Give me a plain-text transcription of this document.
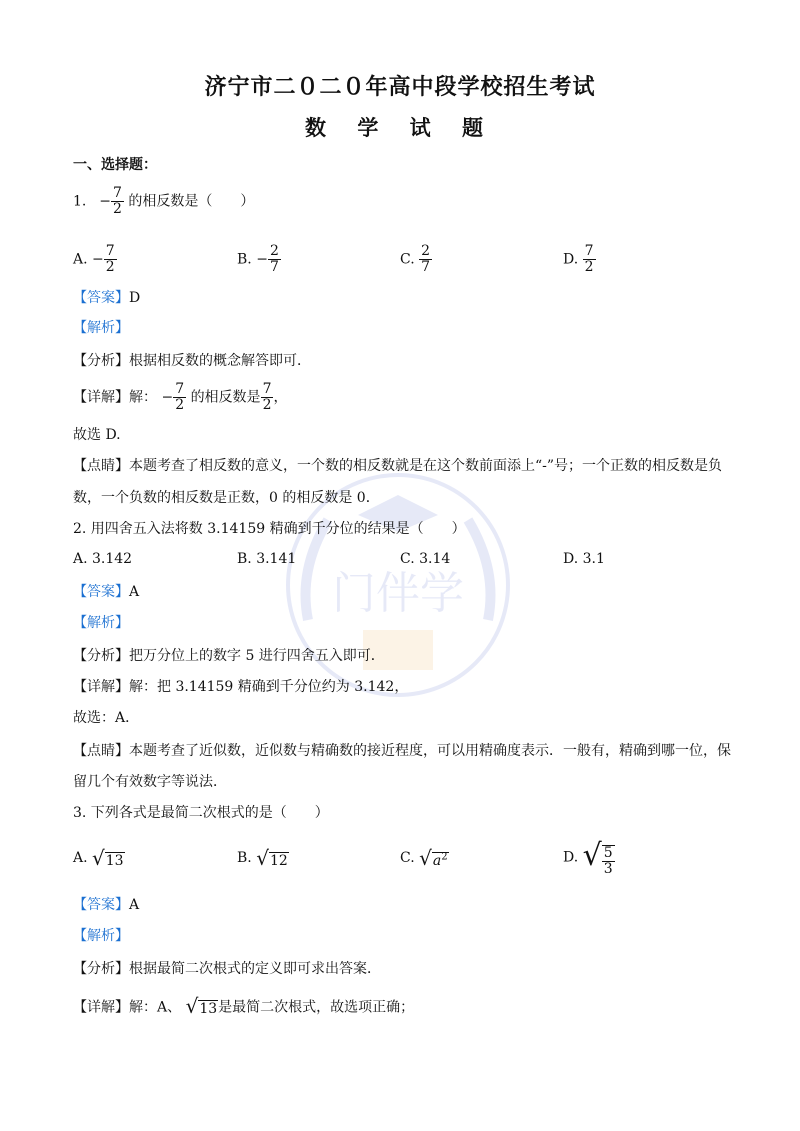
门伴学
济宁市二０二０年高中段学校招生考试
数 学 试 题
一、选择题：
1. − $\frac{7}{2}$ 的相反数是（　　）
A. − $\frac{7}{2}$	B. − $\frac{2}{7}$	C. $\frac{2}{7}$	D. $\frac{7}{2}$
【答案】D
【解析】
【分析】根据相反数的概念解答即可．
【详解】解： − $\frac{7}{2}$ 的相反数是 $\frac{7}{2}$ ，
故选 D.
【点睛】本题考查了相反数的意义，一个数的相反数就是在这个数前面添上“-”号；一个正数的相反数是负
数，一个负数的相反数是正数，0 的相反数是 0．
2. 用四舍五入法将数 3.14159 精确到千分位的结果是（　　）
A. 3.142	B. 3.141	C. 3.14	D. 3.1
【答案】A
【解析】
【分析】把万分位上的数字 5 进行四舍五入即可．
【详解】解：把 3.14159 精确到千分位约为 3.142，
故选：A．
【点睛】本题考查了近似数，近似数与精确数的接近程度，可以用精确度表示．一般有，精确到哪一位，保
留几个有效数字等说法．
3. 下列各式是最简二次根式的是（　　）
A. √13	B. √12	C. $√a^2$	D. √ $\frac{5}{3}$
【答案】A
【解析】
【分析】根据最简二次根式的定义即可求出答案．
【详解】解：A、 √13是最简二次根式，故选项正确；
